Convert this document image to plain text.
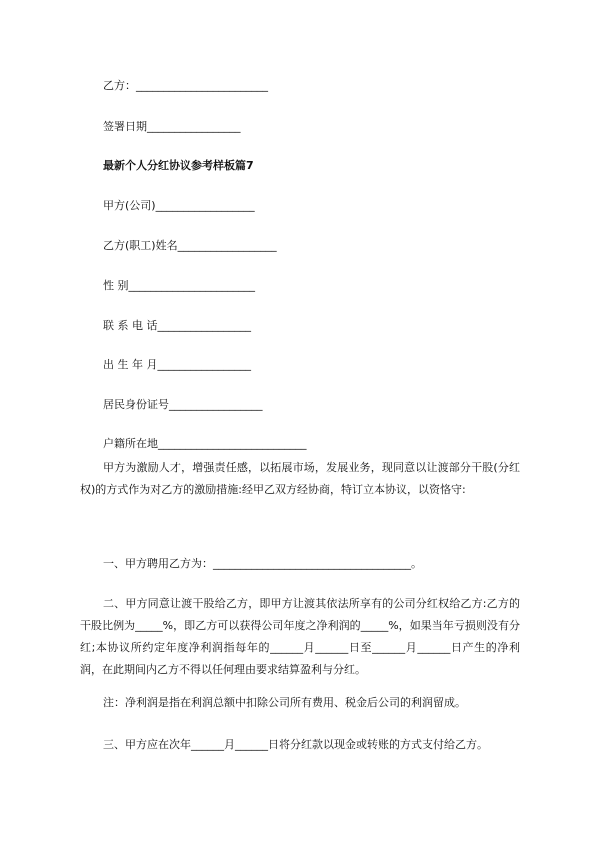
乙方：________________________
签署日期_________________
最新个人分红协议参考样板篇7
甲方(公司)__________________
乙方(职工)姓名__________________
性 别_______________________
联 系 电 话_________________
出 生 年 月_________________
居民身份证号_________________
户籍所在地___________________________
甲方为激励人才，增强责任感，以拓展市场，发展业务，现同意以让渡部分干股(分红权)的方式作为对乙方的激励措施:经甲乙双方经协商，特订立本协议，以资恪守:
一、甲方聘用乙方为：____________________________________。
二、甲方同意让渡干股给乙方，即甲方让渡其依法所享有的公司分红权给乙方:乙方的干股比例为_____%，即乙方可以获得公司年度之净利润的_____%，如果当年亏损则没有分红;本协议所约定年度净利润指每年的______月______日至______月______日产生的净利润，在此期间内乙方不得以任何理由要求结算盈利与分红。
注：净利润是指在利润总额中扣除公司所有费用、税金后公司的利润留成。
三、甲方应在次年______月______日将分红款以现金或转账的方式支付给乙方。
